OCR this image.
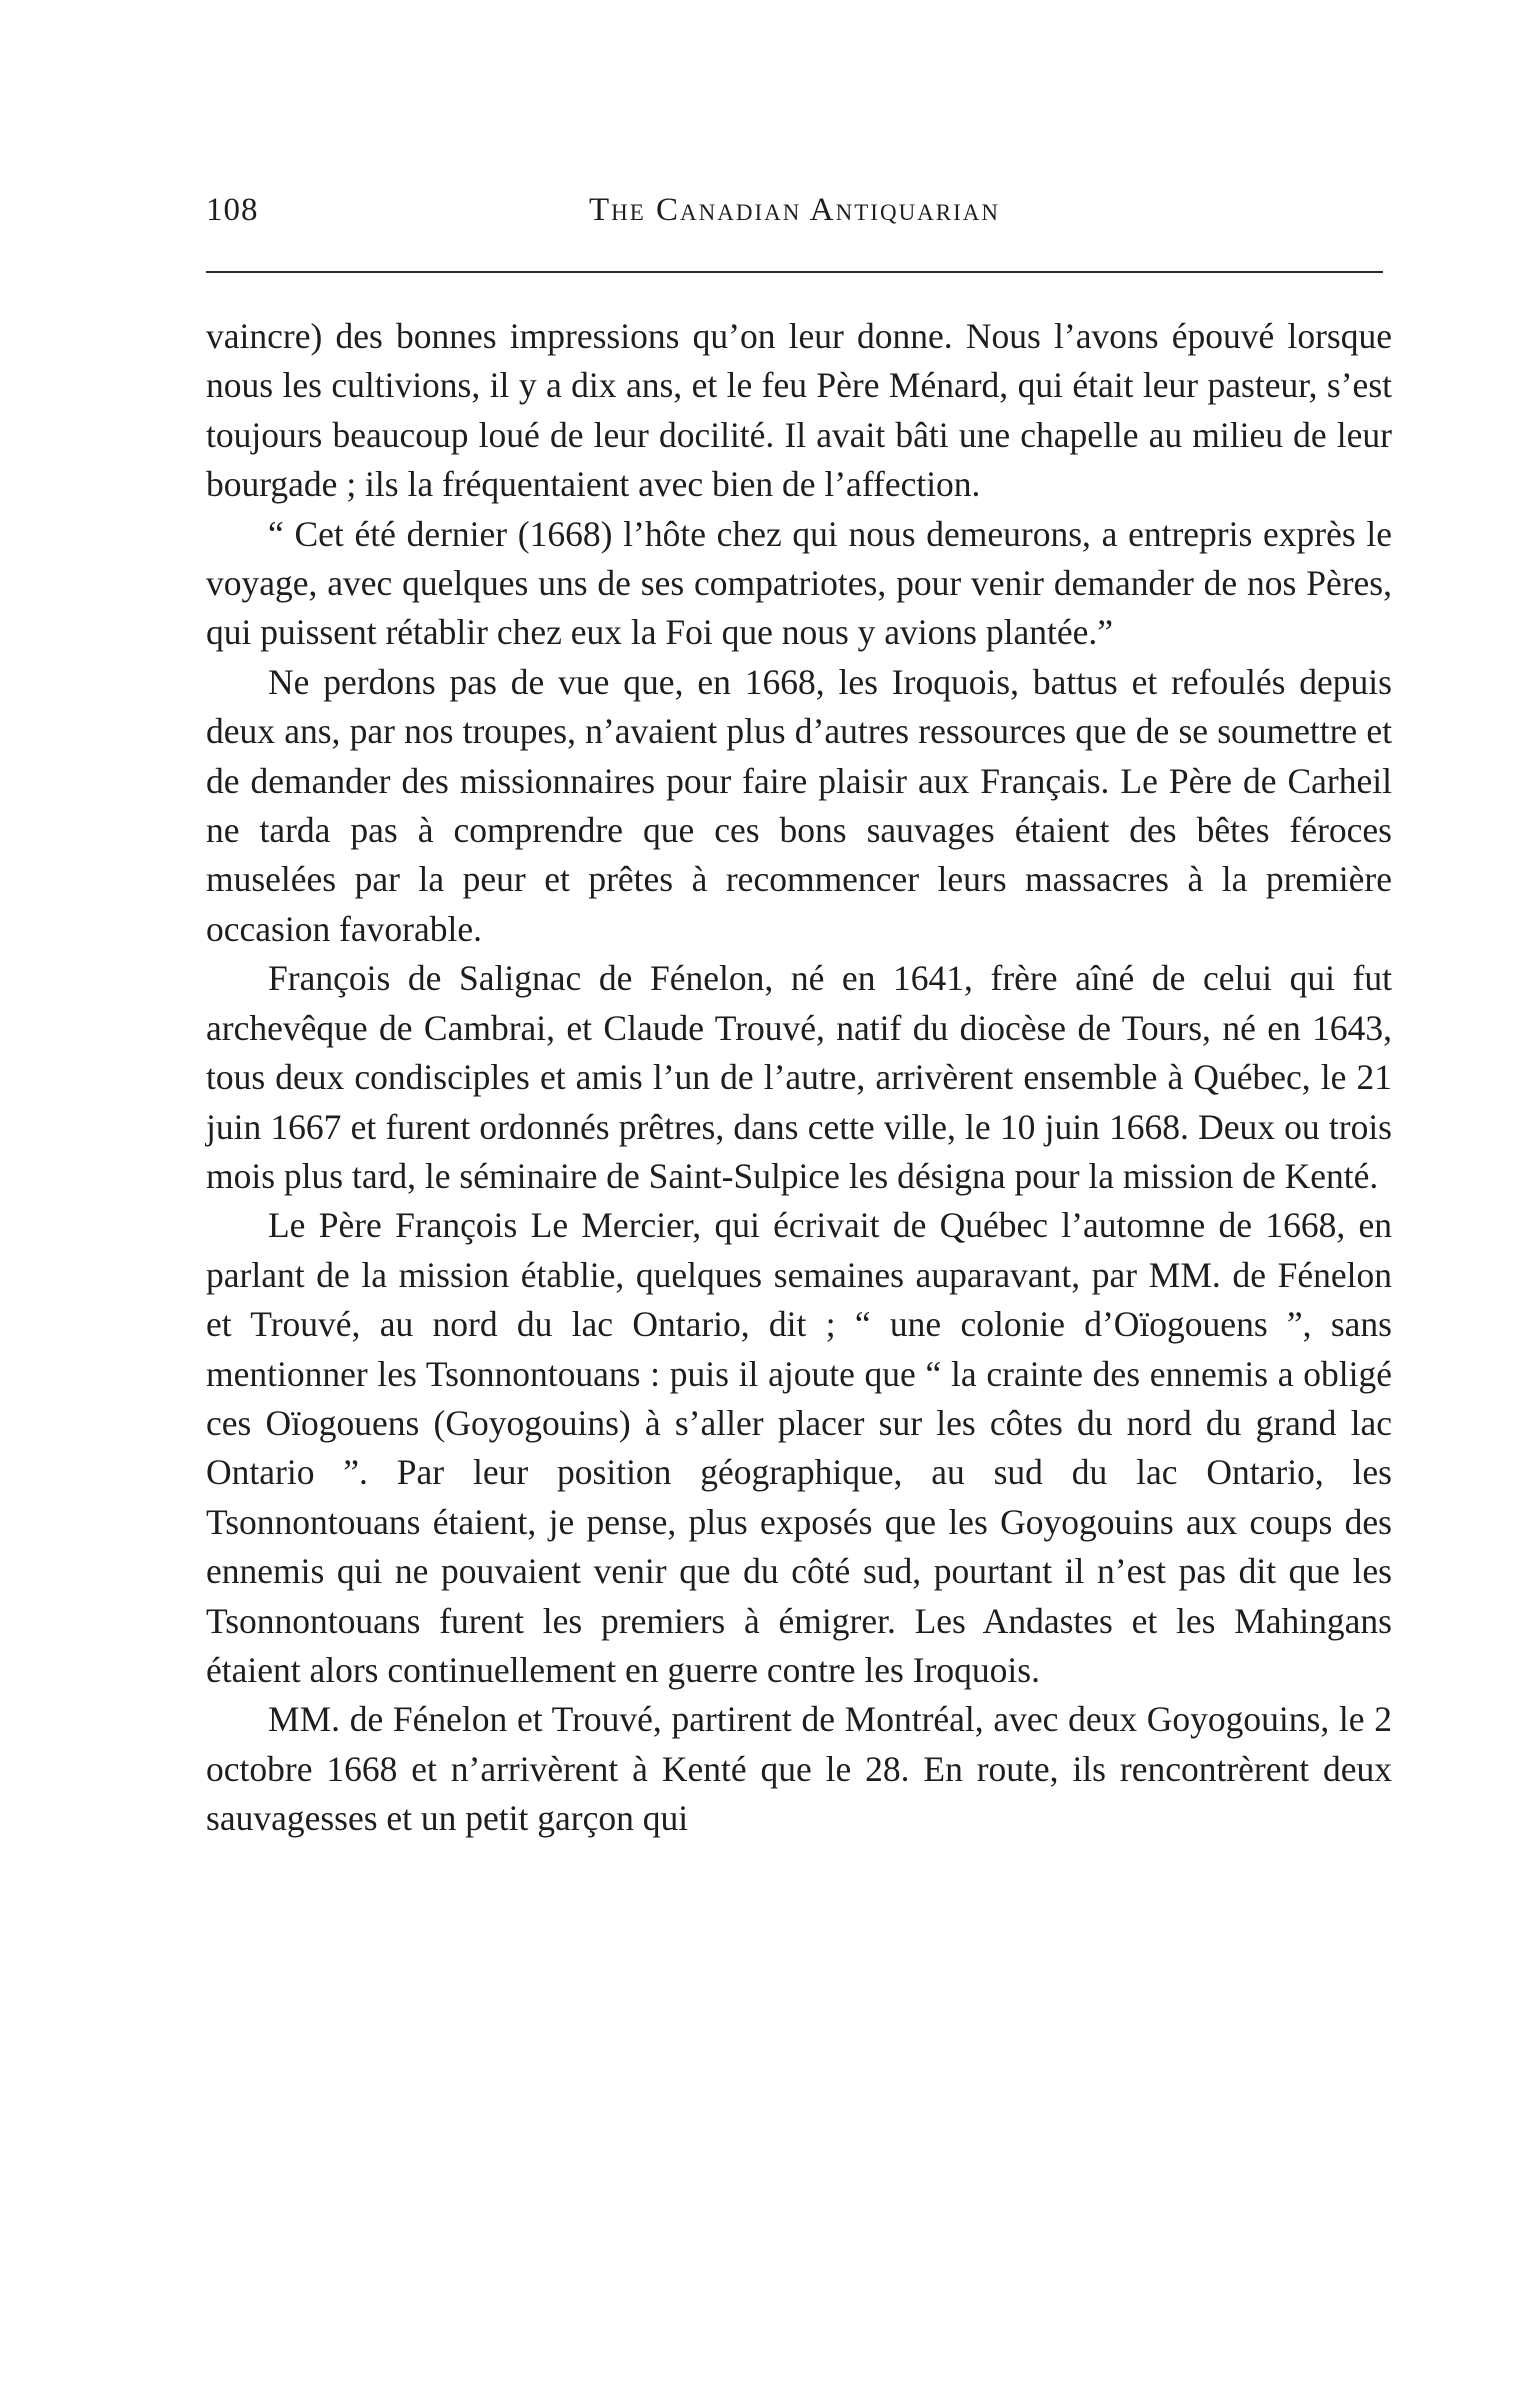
108	The Canadian Antiquarian

vaincre) des bonnes impressions qu’on leur donne. Nous l’avons épouvé lorsque nous les cultivions, il y a dix ans, et le feu Père Ménard, qui était leur pasteur, s’est toujours beaucoup loué de leur docilité. Il avait bâti une chapelle au milieu de leur bourgade ; ils la fréquentaient avec bien de l’affection.

“ Cet été dernier (1668) l’hôte chez qui nous demeurons, a entrepris exprès le voyage, avec quelques uns de ses compatriotes, pour venir demander de nos Pères, qui puissent rétablir chez eux la Foi que nous y avions plantée.”

Ne perdons pas de vue que, en 1668, les Iroquois, battus et refoulés depuis deux ans, par nos troupes, n’avaient plus d’autres ressources que de se soumettre et de demander des missionnaires pour faire plaisir aux Français. Le Père de Carheil ne tarda pas à comprendre que ces bons sauvages étaient des bêtes féroces muselées par la peur et prêtes à recommencer leurs massacres à la première occasion favorable.

François de Salignac de Fénelon, né en 1641, frère aîné de celui qui fut archevêque de Cambrai, et Claude Trouvé, natif du diocèse de Tours, né en 1643, tous deux condisciples et amis l’un de l’autre, arrivèrent ensemble à Québec, le 21 juin 1667 et furent ordonnés prêtres, dans cette ville, le 10 juin 1668. Deux ou trois mois plus tard, le séminaire de Saint-Sulpice les désigna pour la mission de Kenté.

Le Père François Le Mercier, qui écrivait de Québec l’automne de 1668, en parlant de la mission établie, quelques semaines auparavant, par MM. de Fénelon et Trouvé, au nord du lac Ontario, dit ; “ une colonie d’Oïogouens ”, sans mentionner les Tsonnontouans : puis il ajoute que “ la crainte des ennemis a obligé ces Oïogouens (Goyogouins) à s’aller placer sur les côtes du nord du grand lac Ontario ”. Par leur position géographique, au sud du lac Ontario, les Tsonnontouans étaient, je pense, plus exposés que les Goyogouins aux coups des ennemis qui ne pouvaient venir que du côté sud, pourtant il n’est pas dit que les Tsonnontouans furent les premiers à émigrer. Les Andastes et les Mahingans étaient alors continuellement en guerre contre les Iroquois.

MM. de Fénelon et Trouvé, partirent de Montréal, avec deux Goyogouins, le 2 octobre 1668 et n’arrivèrent à Kenté que le 28. En route, ils rencontrèrent deux sauvagesses et un petit garçon qui
